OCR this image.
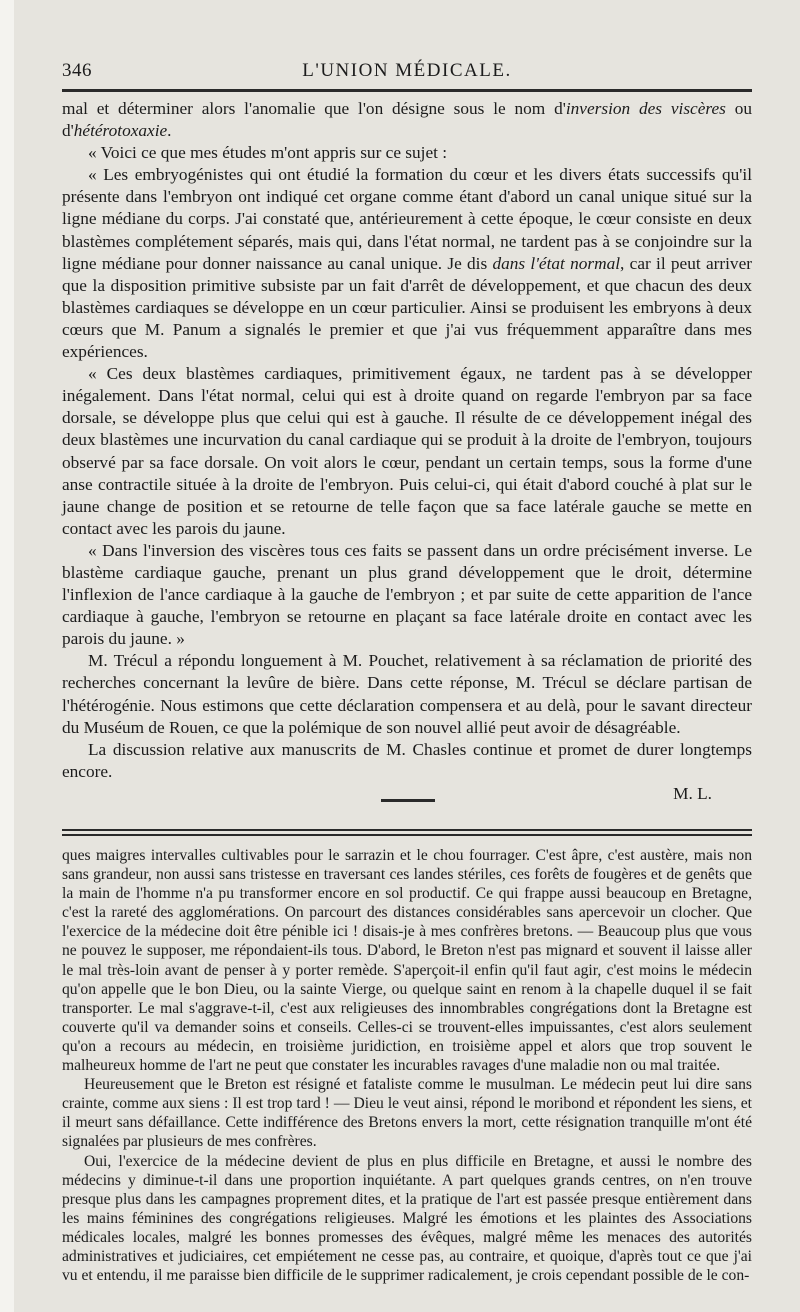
346	L'UNION MÉDICALE.

mal et déterminer alors l'anomalie que l'on désigne sous le nom d'inversion des viscères ou d'hétérotoxaxie.

« Voici ce que mes études m'ont appris sur ce sujet :

« Les embryogénistes qui ont étudié la formation du cœur et les divers états successifs qu'il présente dans l'embryon ont indiqué cet organe comme étant d'abord un canal unique situé sur la ligne médiane du corps. J'ai constaté que, antérieurement à cette époque, le cœur consiste en deux blastèmes complétement séparés, mais qui, dans l'état normal, ne tardent pas à se conjoindre sur la ligne médiane pour donner naissance au canal unique. Je dis dans l'état normal, car il peut arriver que la disposition primitive subsiste par un fait d'arrêt de développement, et que chacun des deux blastèmes cardiaques se développe en un cœur particulier. Ainsi se produisent les embryons à deux cœurs que M. Panum a signalés le premier et que j'ai vus fréquemment apparaître dans mes expériences.

« Ces deux blastèmes cardiaques, primitivement égaux, ne tardent pas à se développer inégalement. Dans l'état normal, celui qui est à droite quand on regarde l'embryon par sa face dorsale, se développe plus que celui qui est à gauche. Il résulte de ce développement inégal des deux blastèmes une incurvation du canal cardiaque qui se produit à la droite de l'embryon, toujours observé par sa face dorsale. On voit alors le cœur, pendant un certain temps, sous la forme d'une anse contractile située à la droite de l'embryon. Puis celui-ci, qui était d'abord couché à plat sur le jaune change de position et se retourne de telle façon que sa face latérale gauche se mette en contact avec les parois du jaune.

« Dans l'inversion des viscères tous ces faits se passent dans un ordre précisément inverse. Le blastème cardiaque gauche, prenant un plus grand développement que le droit, détermine l'inflexion de l'ance cardiaque à la gauche de l'embryon ; et par suite de cette apparition de l'ance cardiaque à gauche, l'embryon se retourne en plaçant sa face latérale droite en contact avec les parois du jaune. »

M. Trécul a répondu longuement à M. Pouchet, relativement à sa réclamation de priorité des recherches concernant la levûre de bière. Dans cette réponse, M. Trécul se déclare partisan de l'hétérogénie. Nous estimons que cette déclaration compensera et au delà, pour le savant directeur du Muséum de Rouen, ce que la polémique de son nouvel allié peut avoir de désagréable.

La discussion relative aux manuscrits de M. Chasles continue et promet de durer longtemps encore.

M. L.

ques maigres intervalles cultivables pour le sarrazin et le chou fourrager. C'est âpre, c'est austère, mais non sans grandeur, non aussi sans tristesse en traversant ces landes stériles, ces forêts de fougères et de genêts que la main de l'homme n'a pu transformer encore en sol productif. Ce qui frappe aussi beaucoup en Bretagne, c'est la rareté des agglomérations. On parcourt des distances considérables sans apercevoir un clocher. Que l'exercice de la médecine doit être pénible ici ! disais-je à mes confrères bretons. — Beaucoup plus que vous ne pouvez le supposer, me répondaient-ils tous. D'abord, le Breton n'est pas mignard et souvent il laisse aller le mal très-loin avant de penser à y porter remède. S'aperçoit-il enfin qu'il faut agir, c'est moins le médecin qu'on appelle que le bon Dieu, ou la sainte Vierge, ou quelque saint en renom à la chapelle duquel il se fait transporter. Le mal s'aggrave-t-il, c'est aux religieuses des innombrables congrégations dont la Bretagne est couverte qu'il va demander soins et conseils. Celles-ci se trouvent-elles impuissantes, c'est alors seulement qu'on a recours au médecin, en troisième juridiction, en troisième appel et alors que trop souvent le malheureux homme de l'art ne peut que constater les incurables ravages d'une maladie non ou mal traitée.

Heureusement que le Breton est résigné et fataliste comme le musulman. Le médecin peut lui dire sans crainte, comme aux siens : Il est trop tard ! — Dieu le veut ainsi, répond le moribond et répondent les siens, et il meurt sans défaillance. Cette indifférence des Bretons envers la mort, cette résignation tranquille m'ont été signalées par plusieurs de mes confrères.

Oui, l'exercice de la médecine devient de plus en plus difficile en Bretagne, et aussi le nombre des médecins y diminue-t-il dans une proportion inquiétante. A part quelques grands centres, on n'en trouve presque plus dans les campagnes proprement dites, et la pratique de l'art est passée presque entièrement dans les mains féminines des congrégations religieuses. Malgré les émotions et les plaintes des Associations médicales locales, malgré les bonnes promesses des évêques, malgré même les menaces des autorités administratives et judiciaires, cet empiétement ne cesse pas, au contraire, et quoique, d'après tout ce que j'ai vu et entendu, il me paraisse bien difficile de le supprimer radicalement, je crois cependant possible de le con-
